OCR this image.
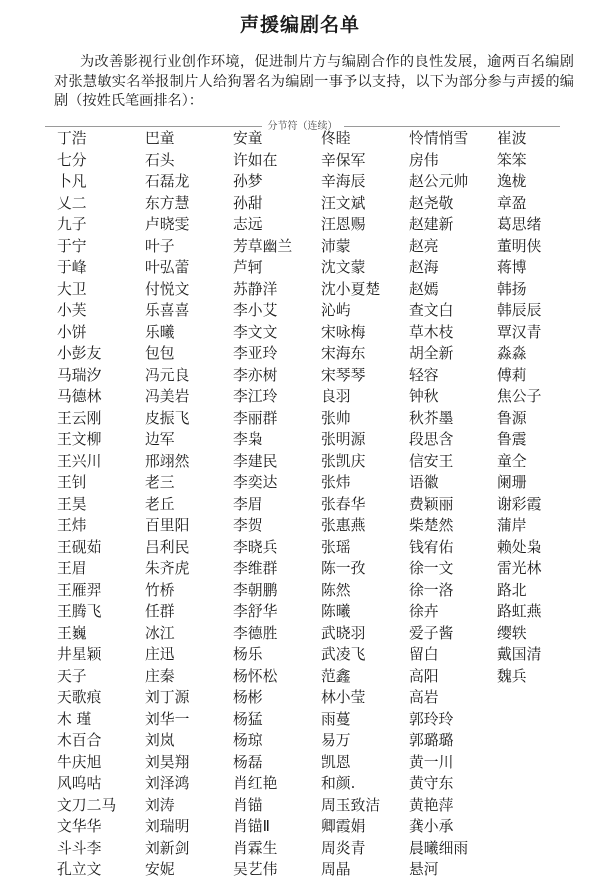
声援编剧名单

为改善影视行业创作环境，促进制片方与编剧合作的良性发展，逾两百名编剧对张慧敏实名举报制片人给狗署名为编剧一事予以支持，以下为部分参与声援的编剧（按姓氏笔画排名）：

分节符（连续）
丁浩
七分
卜凡
乂二
九子
于宁
于峰
大卫
小芙
小饼
小彭友
马瑞汐
马德林
王云刚
王文柳
王兴川
王钊
王昊
王炜
王砚茹
王眉
王雁羿
王腾飞
王巍
井星颖
天子
天歌痕
木 瑾
木百合
牛庆旭
风呜咕
文刀二马
文华华
斗斗李
孔立文
巴童
石头
石磊龙
东方慧
卢晓雯
叶子
叶弘蕾
付悦文
乐喜喜
乐曦
包包
冯元良
冯美岩
皮振飞
边军
邢翊然
老三
老丘
百里阳
吕利民
朱齐虎
竹桥
任群
冰江
庄迅
庄秦
刘丁源
刘华一
刘岚
刘昊翔
刘泽鸿
刘涛
刘瑞明
刘新剑
安妮
安童
许如在
孙梦
孙甜
志远
芳草幽兰
芦轲
苏静洋
李小艾
李文文
李亚玲
李亦树
李江玲
李丽群
李枭
李建民
李奕达
李眉
李贺
李晓兵
李维群
李朝鹏
李舒华
李德胜
杨乐
杨怀松
杨彬
杨猛
杨琼
杨磊
肖红艳
肖锚
肖锚Ⅱ
肖霖生
吴艺伟
佟睦
辛保军
辛海辰
汪文斌
汪恩赐
沛蒙
沈文蒙
沈小夏楚
沁屿
宋咏梅
宋海东
宋琴琴
良羽
张帅
张明源
张凯庆
张炜
张春华
张惠燕
张瑶
陈一孜
陈然
陈曦
武晓羽
武凌飞
范鑫
林小莹
雨蔓
易万
凯恩
和颜.
周玉致洁
卿霞娟
周炎青
周晶
怜情悄雪
房伟
赵公元帅
赵尧敬
赵建新
赵亮
赵海
赵嫣
查文白
草木枝
胡全新
轻容
钟秋
秋芥墨
段思含
信安王
语徽
费颖丽
柴楚然
钱宥佑
徐一文
徐一洛
徐卉
爱子酱
留白
高阳
高岩
郭玲玲
郭璐璐
黄一川
黄守东
黄艳萍
龚小承
晨曦细雨
悬河
崔波
笨笨
逸栊
章盈
葛思绪
董明侠
蒋博
韩扬
韩辰辰
覃汉青
淼淼
傅莉
焦公子
鲁源
鲁震
童仝
阑珊
谢彩霞
蒲岸
赖处枭
雷光林
路北
路虹燕
缨轶
戴国清
魏兵
